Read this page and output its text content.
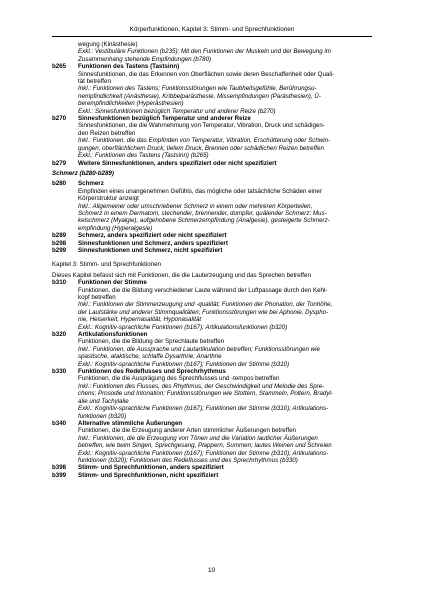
Körperfunktionen, Kapitel 3: Stimm- und Sprechfunktionen
wegung (Kinästhesie)
Exkl.: Vestibuläre Funktionen (b235); Mit den Funktionen der Muskeln und der Bewegung im
Zusammenhang stehende Empfindungen (b780)
b265	Funktionen des Tastens (Tastsinn)
Sinnesfunktionen, die das Erkennen von Oberflächen sowie deren Beschaffenheit oder Quali-
tät betreffen
Inkl.: Funktionen des Tastens; Funktionsstörungen wie Taubheitsgefühle, Berührungsu-
nempfindlichkeit (Anästhesie), Kribbelparästhesie, Missempfindungen (Parästhesien), Ü-
berempfindlichkeiten (Hyperästhesien)
Exkl.: Sinnesfunktionen bezüglich Temperatur und anderer Reize (b270)
b270	Sinnesfunktionen bezüglich Temperatur und anderer Reize
Sinnesfunktionen, die die Wahrnehmung von Temperatur, Vibration, Druck und schädigen-
den Reizen betreffen
Inkl.: Funktionen, die das Empfinden von Temperatur, Vibration, Erschütterung oder Schwin-
gungen, oberflächlichem Druck, tiefem Druck, Brennen oder schädlichen Reizen betreffen
Exkl.: Funktionen des Tastens (Tastsinn) (b265)
b279	Weitere Sinnesfunktionen, anders spezifiziert oder nicht spezifiziert
Schmerz (b280-b289)
b280	Schmerz
Empfinden eines unangenehmen Gefühls, das mögliche oder tatsächliche Schäden einer
Körperstruktur anzeigt
Inkl.: Allgemeiner oder umschriebener Schmerz in einem oder mehreren Körperteilen,
Schmerz in einem Dermatom, stechender, brennender, dumpfer, quälender Schmerz; Mus-
kelschmerz (Myalgie), aufgehobene Schmerzempfindung (Analgesie), gesteigerte Schmerz-
empfindung (Hyperalgesie)
b289	Schmerz, anders spezifiziert oder nicht spezifiziert
b298	Sinnesfunktionen und Schmerz, anders spezifiziert
b299	Sinnesfunktionen und Schmerz, nicht spezifiziert
Kapitel 3: Stimm- und Sprechfunktionen
Dieses Kapitel befasst sich mit Funktionen, die die Lauterzeugung und das Sprechen betreffen
b310	Funktionen der Stimme
Funktionen, die die Bildung verschiedener Laute während der Luftpassage durch den Kehl-
kopf betreffen
Inkl.: Funktionen der Stimmerzeugung und -qualität; Funktionen der Phonation, der Tonhöhe,
der Lautstärke und anderer Stimmqualitäten; Funktionsstörungen wie bei Aphonie, Dyspho-
nie, Heiserkeit, Hypernasalität, Hyponasalität
Exkl.: Kognitiv-sprachliche Funktionen (b167); Artikulationsfunktionen (b320)
b320	Artikulationsfunktionen
Funktionen, die die Bildung der Sprechlaute betreffen
Inkl.: Funktionen, die Aussprache und Lautartikulation betreffen; Funktionsstörungen wie
spastische, ataktische, schlaffe Dysarthrie; Anarthrie
Exkl.: Kognitiv-sprachliche Funktionen (b167); Funktionen der Stimme (b310)
b330	Funktionen des Redeflusses und Sprechrhythmus
Funktionen, die die Ausprägung des Sprechflusses und -tempos betreffen
Inkl.: Funktionen des Flusses, des Rhythmus, der Geschwindigkeit und Melodie des Spre-
chens; Prosodie und Intonation; Funktionsstörungen wie Stottern, Stammeln, Poltern, Bradyl-
alie und Tachylalie
Exkl.: Kognitiv-sprachliche Funktionen (b167); Funktionen der Stimme (b310); Artikulations-
funktionen (b320)
b340	Alternative stimmliche Äußerungen
Funktionen, die die Erzeugung anderer Arten stimmlicher Äußerungen betreffen
Inkl.: Funktionen, die die Erzeugung von Tönen und die Variation lautlicher Äußerungen
betreffen, wie beim Singen, Sprechgesang, Plappern, Summen; lautes Weinen und Schreien
Exkl.: Kognitiv-sprachliche Funktionen (b167); Funktionen der Stimme (b310); Artikulations-
funktionen (b320); Funktionen des Redeflusses und des Sprechrhythmus (b330)
b398	Stimm- und Sprechfunktionen, anders spezifiziert
b399	Stimm- und Sprechfunktionen, nicht spezifiziert
10
